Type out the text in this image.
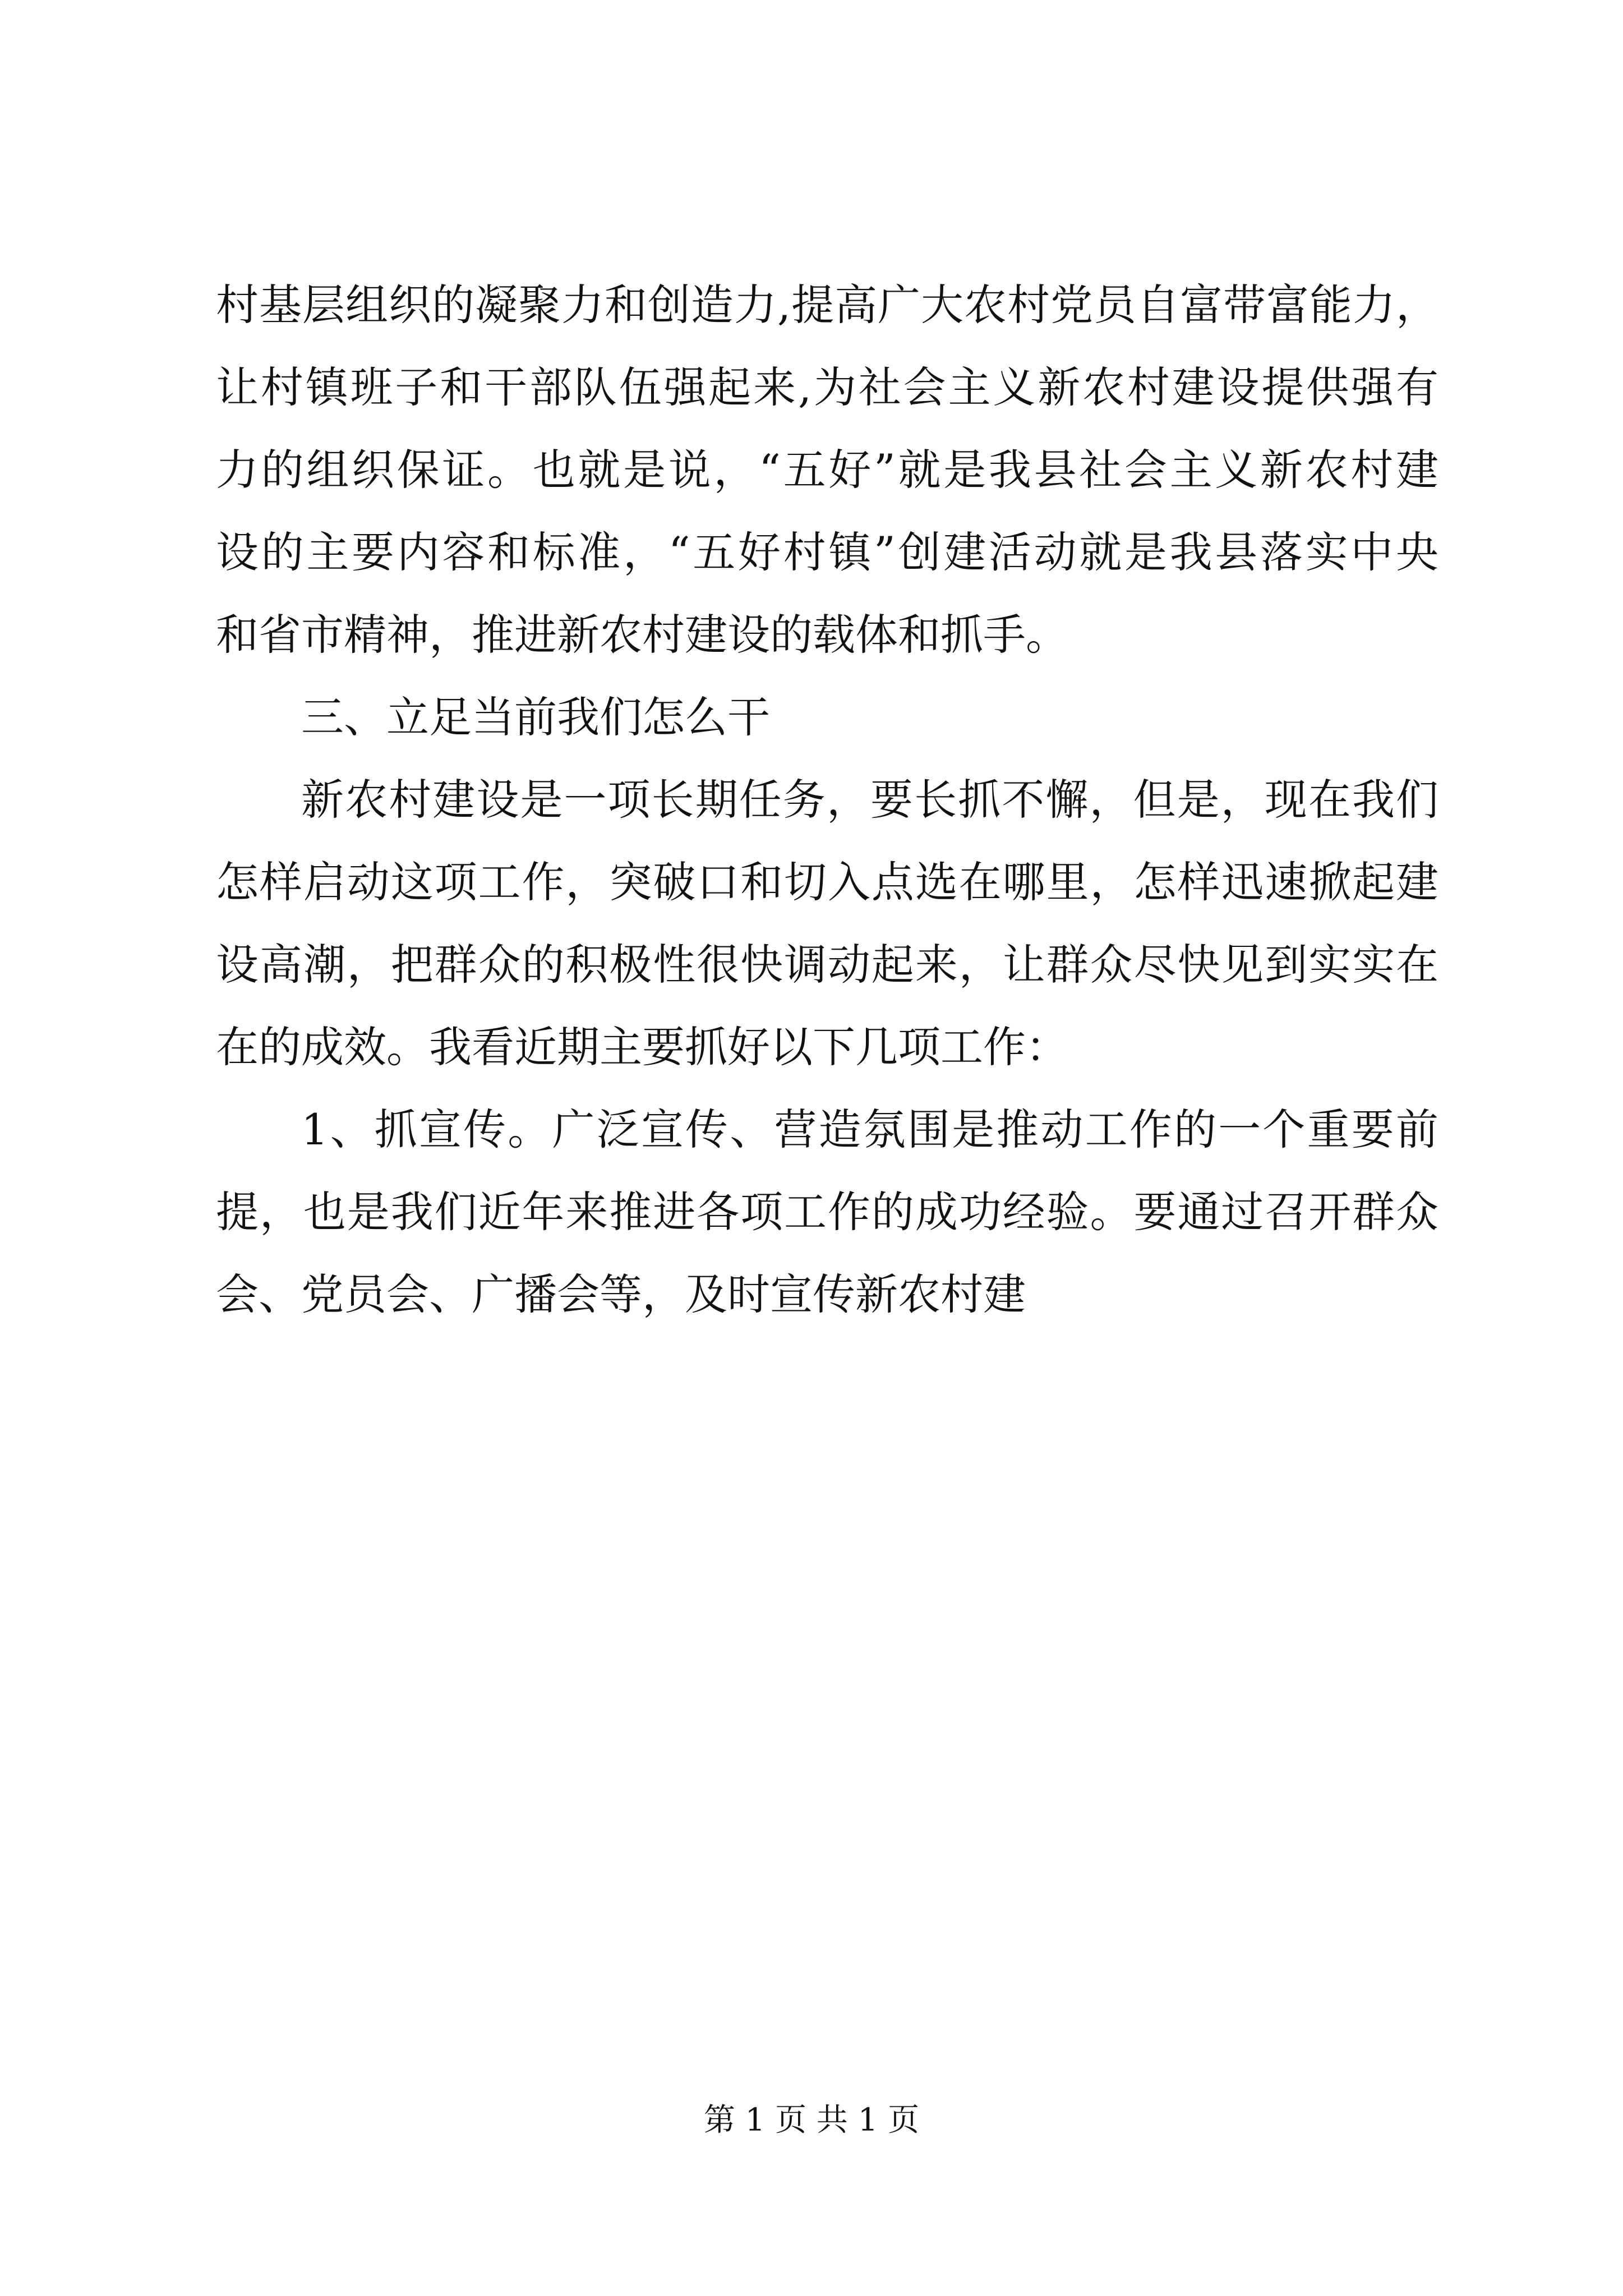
村基层组织的凝聚力和创造力,提高广大农村党员自富带富能力，
让村镇班子和干部队伍强起来,为社会主义新农村建设提供强有
力的组织保证。也就是说，“五好”就是我县社会主义新农村建
设的主要内容和标准，“五好村镇”创建活动就是我县落实中央
和省市精神，推进新农村建设的载体和抓手。
三、立足当前我们怎么干
新农村建设是一项长期任务，要长抓不懈，但是，现在我们
怎样启动这项工作，突破口和切入点选在哪里，怎样迅速掀起建
设高潮，把群众的积极性很快调动起来，让群众尽快见到实实在
在的成效。我看近期主要抓好以下几项工作：
1、抓宣传。广泛宣传、营造氛围是推动工作的一个重要前
提，也是我们近年来推进各项工作的成功经验。要通过召开群众
会、党员会、广播会等，及时宣传新农村建
第 1 页 共 1 页
